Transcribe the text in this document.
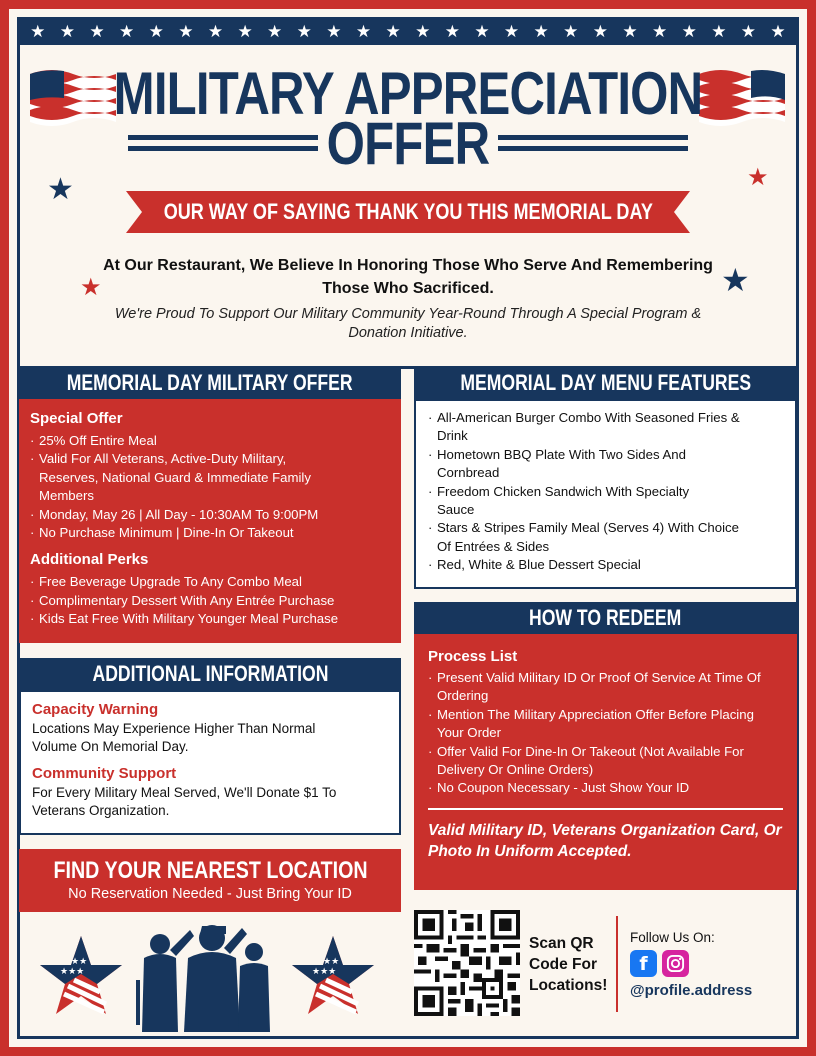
★ ★ ★ ★ ★ ★ ★ ★ ★ ★ ★ ★ ★ ★ ★ ★ ★ ★ ★ ★ ★ ★ ★ ★ ★ ★
MILITARY APPRECIATION
OFFER
★	★
★	★
OUR WAY OF SAYING THANK YOU THIS MEMORIAL DAY
At Our Restaurant, We Believe In Honoring Those Who Serve And Remembering Those Who Sacrificed.
We're Proud To Support Our Military Community Year-Round Through A Special Program & Donation Initiative.
MEMORIAL DAY MILITARY OFFER
Special Offer
· 25% Off Entire Meal
· Valid For All Veterans, Active-Duty Military, Reserves, National Guard & Immediate Family Members
· Monday, May 26 | All Day - 10:30AM To 9:00PM
· No Purchase Minimum | Dine-In Or Takeout
Additional Perks
· Free Beverage Upgrade To Any Combo Meal
· Complimentary Dessert With Any Entrée Purchase
· Kids Eat Free With Military Younger Meal Purchase
MEMORIAL DAY MENU FEATURES
· All-American Burger Combo With Seasoned Fries & Drink
· Hometown BBQ Plate With Two Sides And Cornbread
· Freedom Chicken Sandwich With Specialty Sauce
· Stars & Stripes Family Meal (Serves 4) With Choice Of Entrées & Sides
· Red, White & Blue Dessert Special
ADDITIONAL INFORMATION
Capacity Warning
Locations May Experience Higher Than Normal Volume On Memorial Day.
Community Support
For Every Military Meal Served, We'll Donate $1 To Veterans Organization.
HOW TO REDEEM
Process List
· Present Valid Military ID Or Proof Of Service At Time Of Ordering
· Mention The Military Appreciation Offer Before Placing Your Order
· Offer Valid For Dine-In Or Takeout (Not Available For Delivery Or Online Orders)
· No Coupon Necessary - Just Show Your ID
Valid Military ID, Veterans Organization Card, Or Photo In Uniform Accepted.
FIND YOUR NEAREST LOCATION
No Reservation Needed - Just Bring Your ID
★★
★★★
★★
★★★
Scan QR Code For Locations!
Follow Us On:
f
@profile.address
